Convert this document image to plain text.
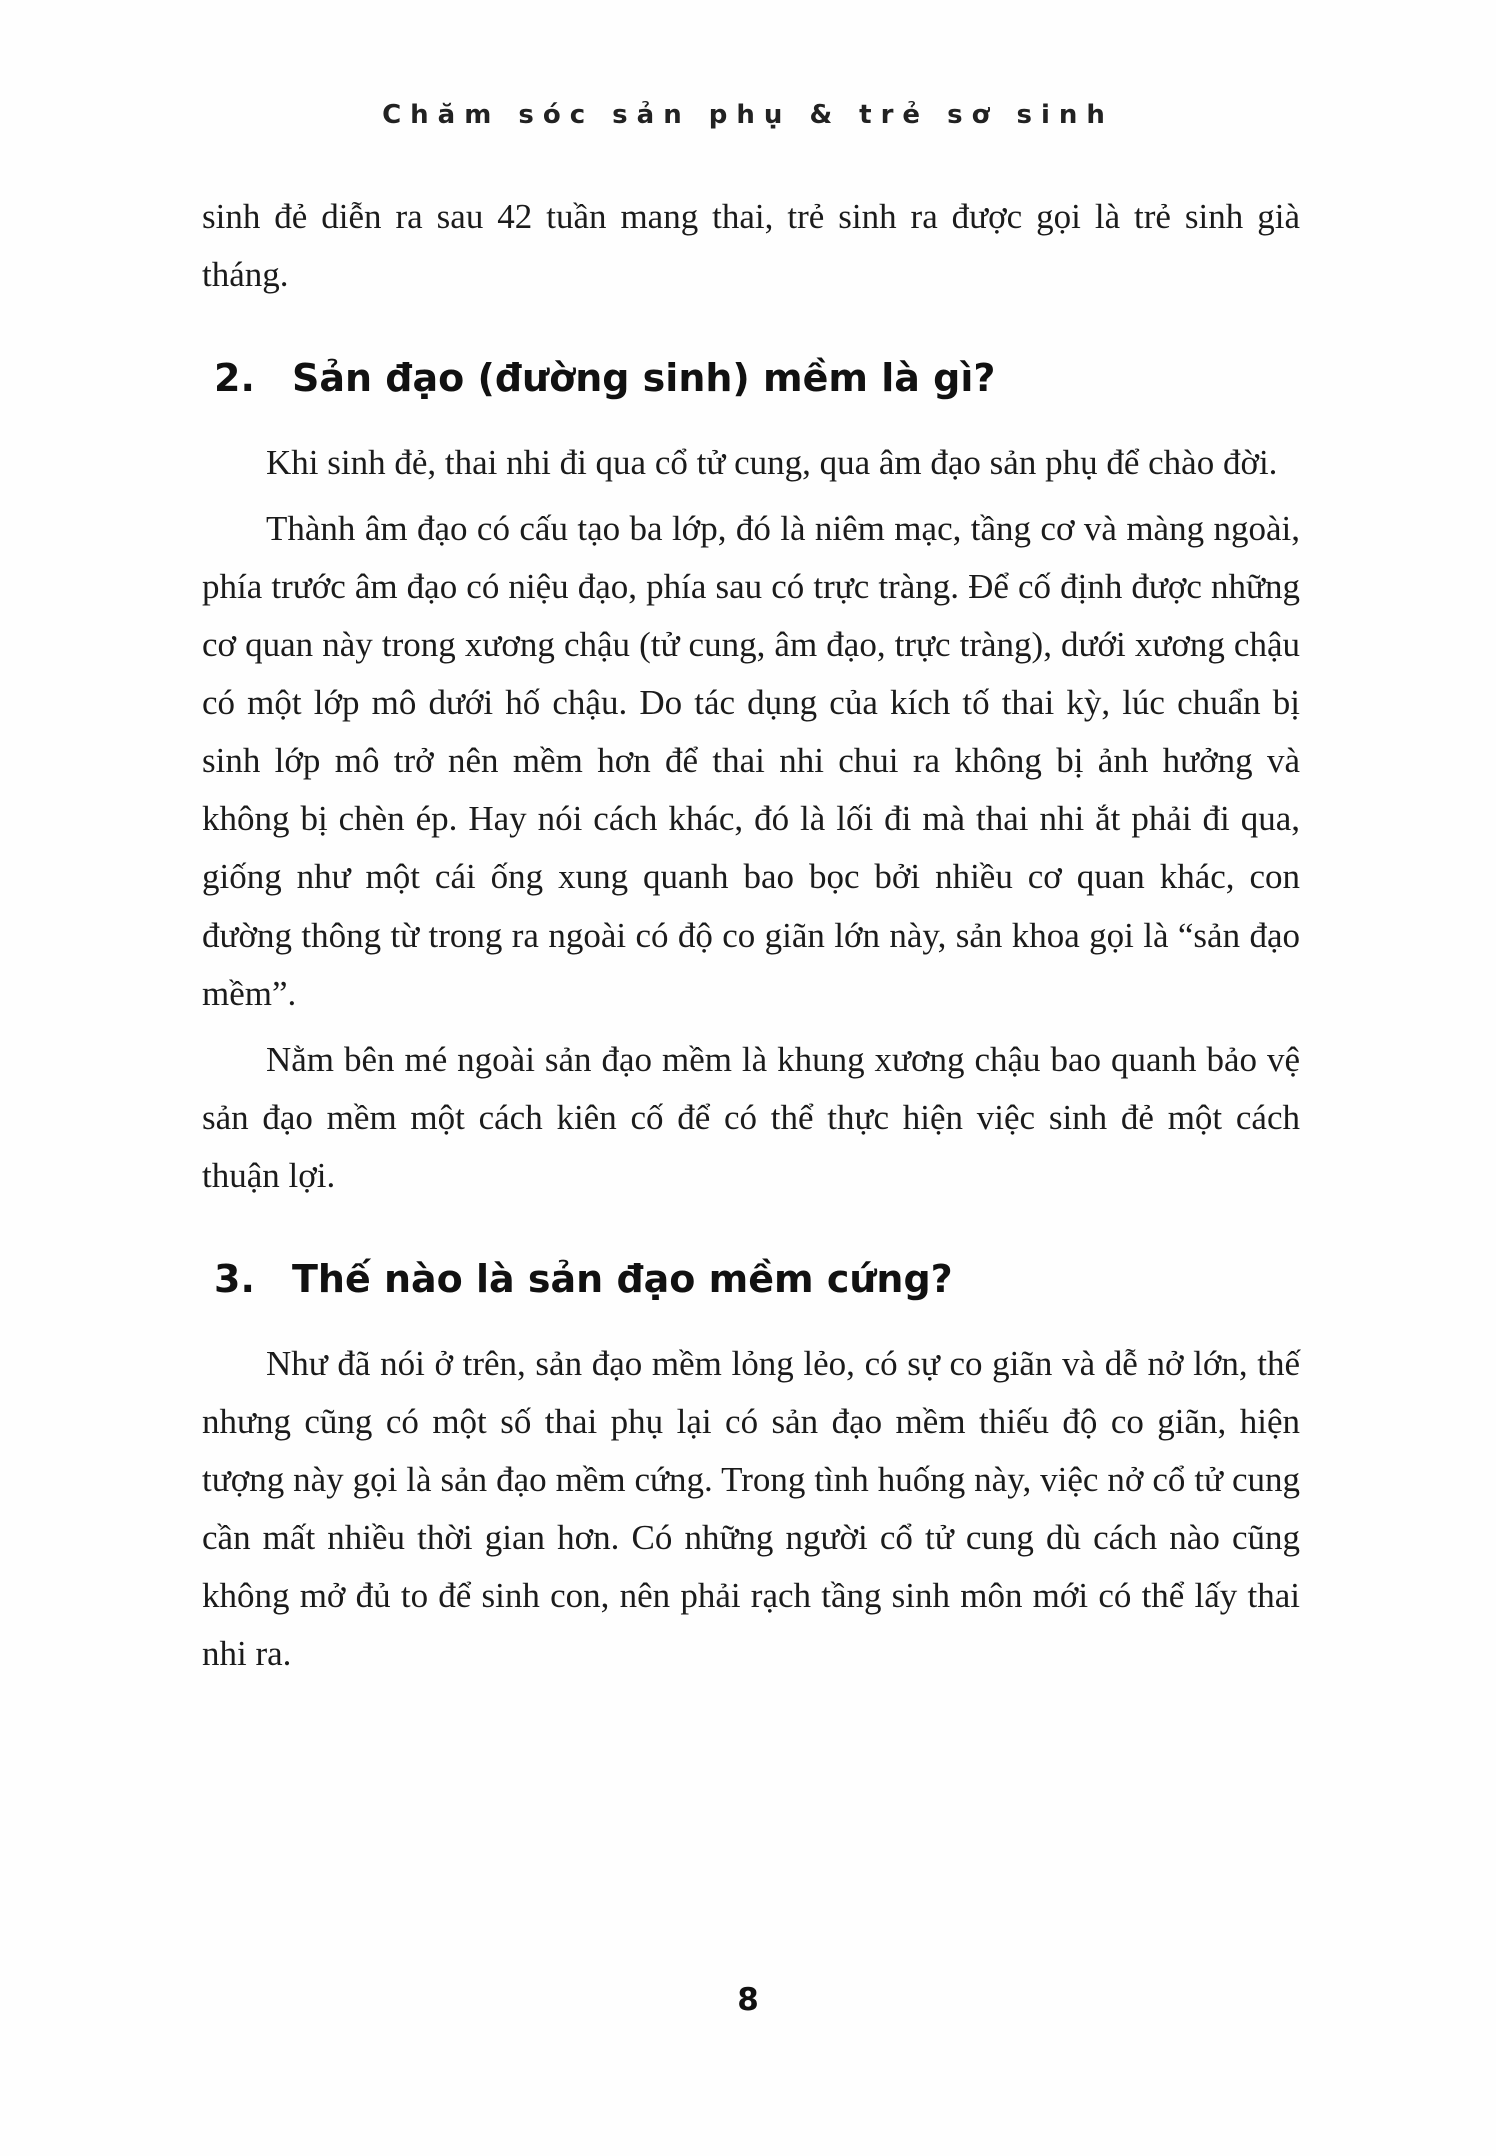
Chăm sóc sản phụ & trẻ sơ sinh

sinh đẻ diễn ra sau 42 tuần mang thai, trẻ sinh ra được gọi là trẻ sinh già tháng.

2. Sản đạo (đường sinh) mềm là gì?

Khi sinh đẻ, thai nhi đi qua cổ tử cung, qua âm đạo sản phụ để chào đời.

Thành âm đạo có cấu tạo ba lớp, đó là niêm mạc, tầng cơ và màng ngoài, phía trước âm đạo có niệu đạo, phía sau có trực tràng. Để cố định được những cơ quan này trong xương chậu (tử cung, âm đạo, trực tràng), dưới xương chậu có một lớp mô dưới hố chậu. Do tác dụng của kích tố thai kỳ, lúc chuẩn bị sinh lớp mô trở nên mềm hơn để thai nhi chui ra không bị ảnh hưởng và không bị chèn ép. Hay nói cách khác, đó là lối đi mà thai nhi ắt phải đi qua, giống như một cái ống xung quanh bao bọc bởi nhiều cơ quan khác, con đường thông từ trong ra ngoài có độ co giãn lớn này, sản khoa gọi là “sản đạo mềm”.

Nằm bên mé ngoài sản đạo mềm là khung xương chậu bao quanh bảo vệ sản đạo mềm một cách kiên cố để có thể thực hiện việc sinh đẻ một cách thuận lợi.

3. Thế nào là sản đạo mềm cứng?

Như đã nói ở trên, sản đạo mềm lỏng lẻo, có sự co giãn và dễ nở lớn, thế nhưng cũng có một số thai phụ lại có sản đạo mềm thiếu độ co giãn, hiện tượng này gọi là sản đạo mềm cứng. Trong tình huống này, việc nở cổ tử cung cần mất nhiều thời gian hơn. Có những người cổ tử cung dù cách nào cũng không mở đủ to để sinh con, nên phải rạch tầng sinh môn mới có thể lấy thai nhi ra.

8
